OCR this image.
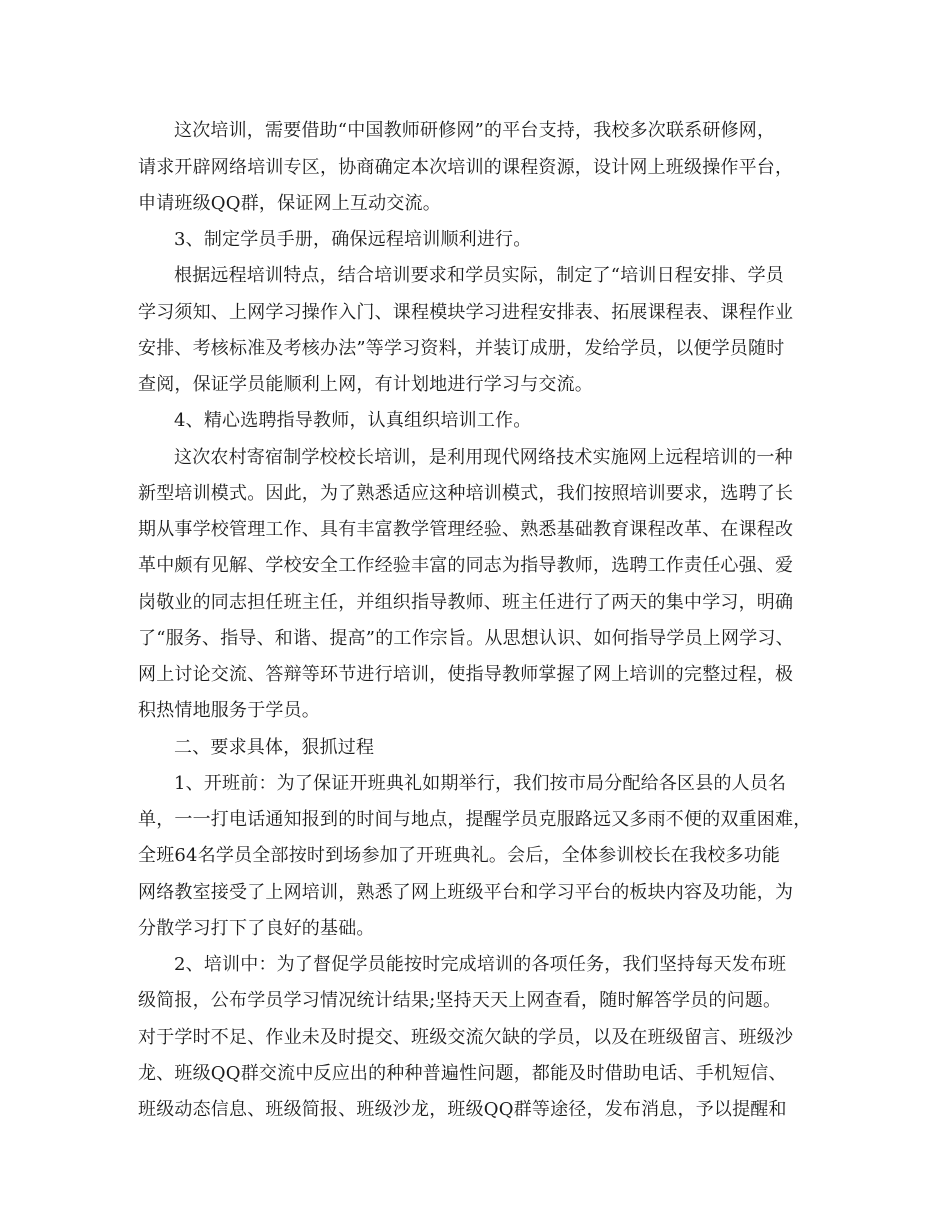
这次培训，需要借助“中国教师研修网”的平台支持，我校多次联系研修网，
请求开辟网络培训专区，协商确定本次培训的课程资源，设计网上班级操作平台，
申请班级QQ群，保证网上互动交流。
3、制定学员手册，确保远程培训顺利进行。
根据远程培训特点，结合培训要求和学员实际，制定了“培训日程安排、学员
学习须知、上网学习操作入门、课程模块学习进程安排表、拓展课程表、课程作业
安排、考核标准及考核办法”等学习资料，并装订成册，发给学员，以便学员随时
查阅，保证学员能顺利上网，有计划地进行学习与交流。
4、精心选聘指导教师，认真组织培训工作。
这次农村寄宿制学校校长培训，是利用现代网络技术实施网上远程培训的一种
新型培训模式。因此，为了熟悉适应这种培训模式，我们按照培训要求，选聘了长
期从事学校管理工作、具有丰富教学管理经验、熟悉基础教育课程改革、在课程改
革中颇有见解、学校安全工作经验丰富的同志为指导教师，选聘工作责任心强、爱
岗敬业的同志担任班主任，并组织指导教师、班主任进行了两天的集中学习，明确
了“服务、指导、和谐、提高”的工作宗旨。从思想认识、如何指导学员上网学习、
网上讨论交流、答辩等环节进行培训，使指导教师掌握了网上培训的完整过程，极
积热情地服务于学员。
二、要求具体，狠抓过程
1、开班前：为了保证开班典礼如期举行，我们按市局分配给各区县的人员名
单，一一打电话通知报到的时间与地点，提醒学员克服路远又多雨不便的双重困难，
全班64名学员全部按时到场参加了开班典礼。会后，全体参训校长在我校多功能
网络教室接受了上网培训，熟悉了网上班级平台和学习平台的板块内容及功能，为
分散学习打下了良好的基础。
2、培训中：为了督促学员能按时完成培训的各项任务，我们坚持每天发布班
级简报，公布学员学习情况统计结果;坚持天天上网查看，随时解答学员的问题。
对于学时不足、作业未及时提交、班级交流欠缺的学员，以及在班级留言、班级沙
龙、班级QQ群交流中反应出的种种普遍性问题，都能及时借助电话、手机短信、
班级动态信息、班级简报、班级沙龙，班级QQ群等途径，发布消息，予以提醒和
